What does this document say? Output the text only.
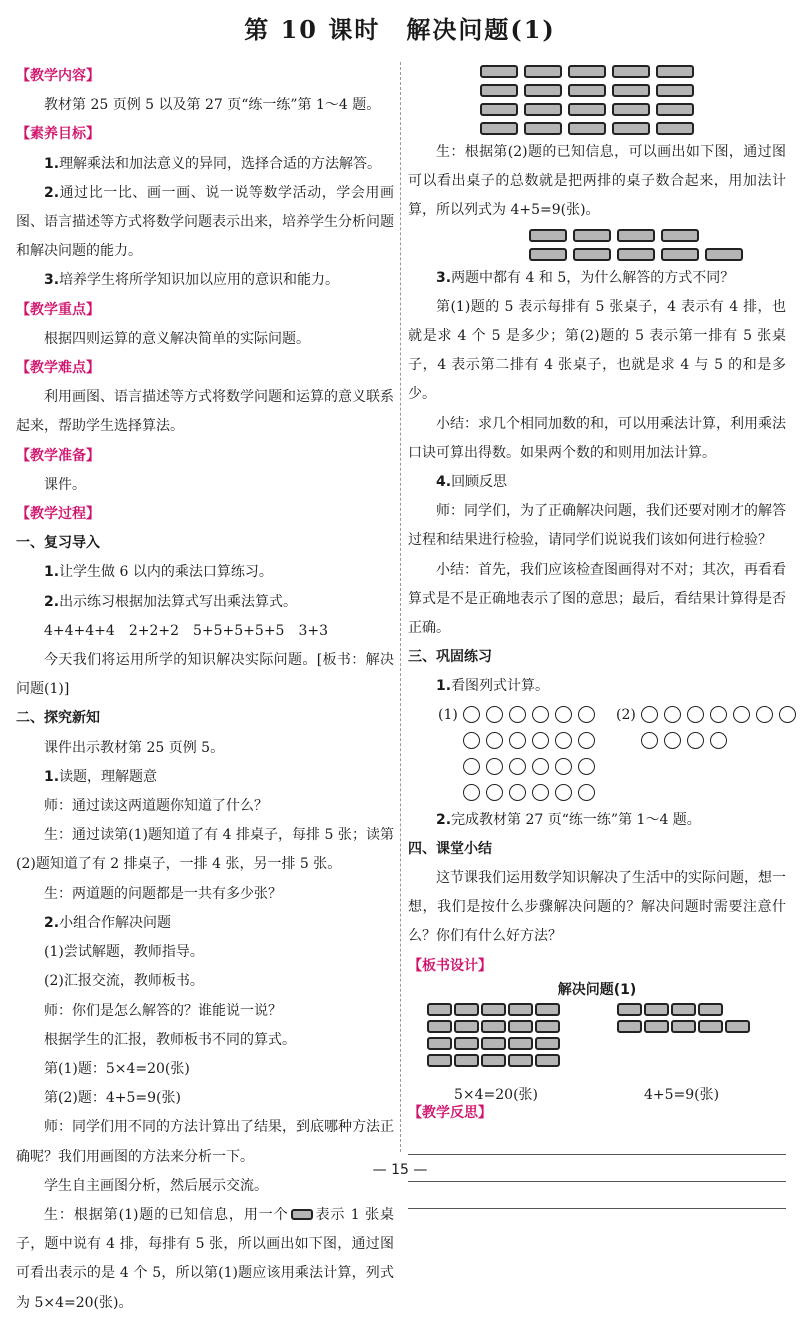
第 10 课时　解决问题(1)
【教学内容】

教材第 25 页例 5 以及第 27 页“练一练”第 1～4 题。

【素养目标】

1.理解乘法和加法意义的异同，选择合适的方法解答。

2.通过比一比、画一画、说一说等数学活动，学会用画图、语言描述等方式将数学问题表示出来，培养学生分析问题和解决问题的能力。

3.培养学生将所学知识加以应用的意识和能力。

【教学重点】

根据四则运算的意义解决简单的实际问题。

【教学难点】

利用画图、语言描述等方式将数学问题和运算的意义联系起来，帮助学生选择算法。

【教学准备】

课件。

【教学过程】
一、复习导入

1.让学生做 6 以内的乘法口算练习。

2.出示练习根据加法算式写出乘法算式。

4+4+4+4　2+2+2　5+5+5+5+5　3+3

今天我们将运用所学的知识解决实际问题。[板书：解决问题(1)]

二、探究新知

课件出示教材第 25 页例 5。

1.读题，理解题意

师：通过读这两道题你知道了什么？

生：通过读第(1)题知道了有 4 排桌子，每排 5 张；读第(2)题知道了有 2 排桌子，一排 4 张，另一排 5 张。

生：两道题的问题都是一共有多少张？

2.小组合作解决问题

(1)尝试解题，教师指导。

(2)汇报交流，教师板书。

师：你们是怎么解答的？谁能说一说？

根据学生的汇报，教师板书不同的算式。

第(1)题：5×4=20(张)

第(2)题：4+5=9(张)

师：同学们用不同的方法计算出了结果，到底哪种方法正确呢？我们用画图的方法来分析一下。

学生自主画图分析，然后展示交流。

生：根据第(1)题的已知信息，用一个 表示 1 张桌子，题中说有 4 排，每排有 5 张，所以画出如下图，通过图可看出表示的是 4 个 5，所以第(1)题应该用乘法计算，列式为 5×4=20(张)。

生：根据第(2)题的已知信息，可以画出如下图，通过图可以看出桌子的总数就是把两排的桌子数合起来，用加法计算，所以列式为 4+5=9(张)。

3.两题中都有 4 和 5，为什么解答的方式不同？

第(1)题的 5 表示每排有 5 张桌子，4 表示有 4 排，也就是求 4 个 5 是多少；第(2)题的 5 表示第一排有 5 张桌子，4 表示第二排有 4 张桌子，也就是求 4 与 5 的和是多少。

小结：求几个相同加数的和，可以用乘法计算，利用乘法口诀可算出得数。如果两个数的和则用加法计算。

4.回顾反思

师：同学们，为了正确解决问题，我们还要对刚才的解答过程和结果进行检验，请同学们说说我们该如何进行检验？

小结：首先，我们应该检查图画得对不对；其次，再看看算式是不是正确地表示了图的意思；最后，看结果计算得是否正确。

三、巩固练习

1.看图列式计算。

(1)	(2)

2.完成教材第 27 页“练一练”第 1～4 题。

四、课堂小结

这节课我们运用数学知识解决了生活中的实际问题，想一想，我们是按什么步骤解决问题的？解决问题时需要注意什么？你们有什么好方法？

【板书设计】
解决问题(1)
5×4=20(张)	4+5=9(张)
【教学反思】
— 15 —
